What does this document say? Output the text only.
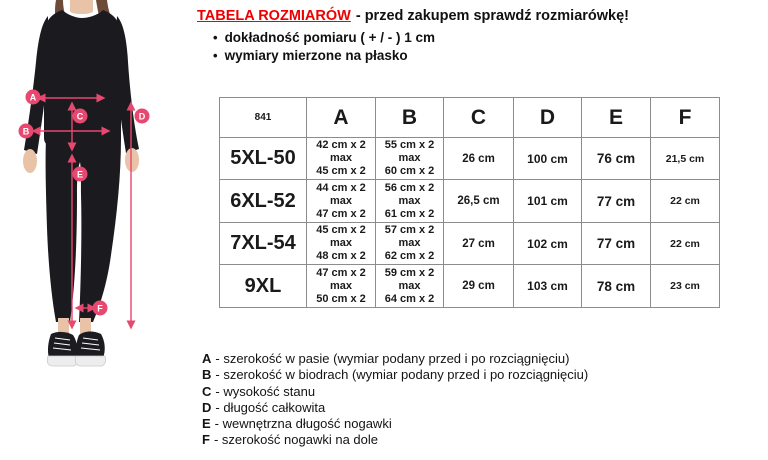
A
B
C	D
E
F
TABELA ROZMIARÓW - przed zakupem sprawdź rozmiarówkę!
• dokładność pomiaru ( + / - ) 1 cm
• wymiary mierzone na płasko
841	A	B	C	D	E	F
5XL-50	42 cm x 2
max
45 cm x 2	55 cm x 2
max
60 cm x 2	26 cm	100 cm	76 cm	21,5 cm
6XL-52	44 cm x 2
max
47 cm x 2	56 cm x 2
max
61 cm x 2	26,5 cm	101 cm	77 cm	22 cm
7XL-54	45 cm x 2
max
48 cm x 2	57 cm x 2
max
62 cm x 2	27 cm	102 cm	77 cm	22 cm
9XL	47 cm x 2
max
50 cm x 2	59 cm x 2
max
64 cm x 2	29 cm	103 cm	78 cm	23 cm
A - szerokość w pasie (wymiar podany przed i po rozciągnięciu)
B - szerokość w biodrach (wymiar podany przed i po rozciągnięciu)
C - wysokość stanu
D - długość całkowita
E - wewnętrzna długość nogawki
F - szerokość nogawki na dole
